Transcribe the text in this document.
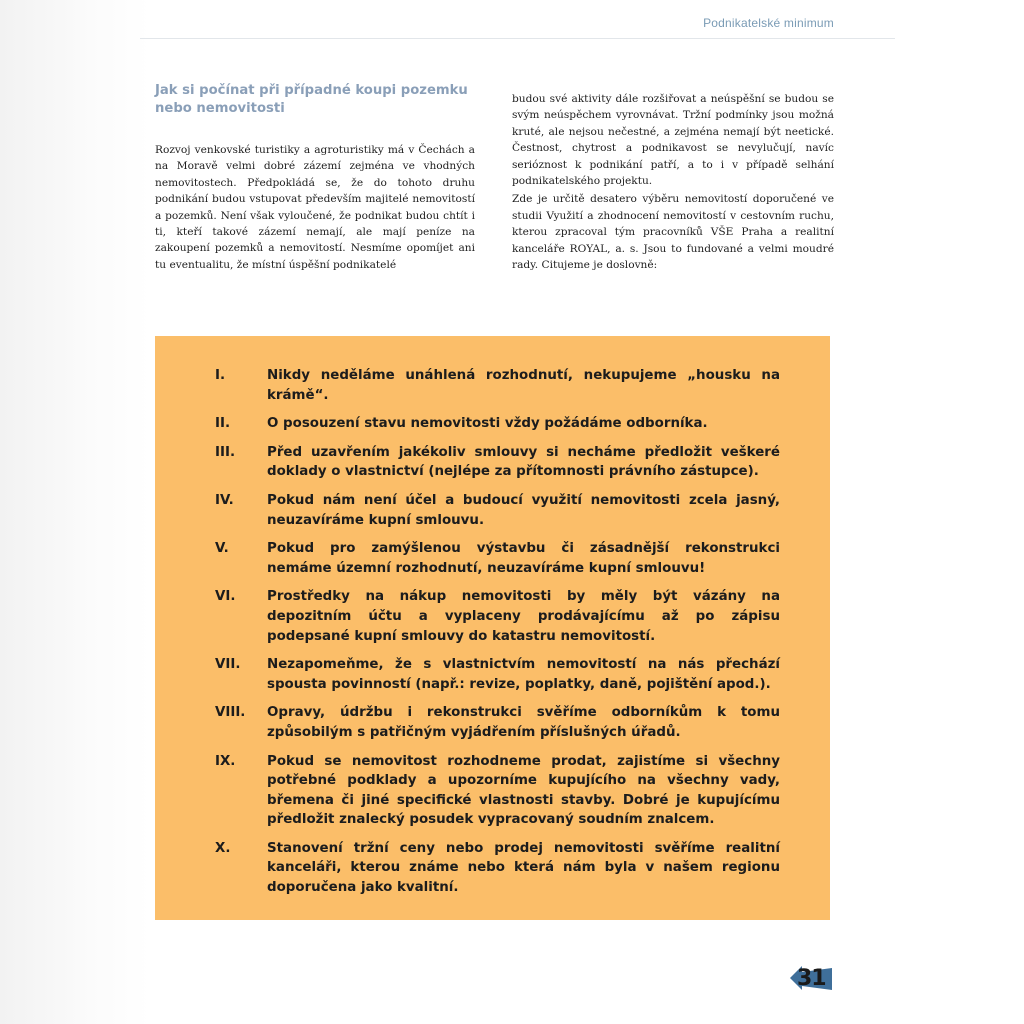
Podnikatelské minimum
Jak si počínat při případné koupi pozemku nebo nemovitosti

Rozvoj venkovské turistiky a agroturistiky má v Čechách a na Moravě velmi dobré zázemí zejména ve vhodných nemovitostech. Předpokládá se, že do tohoto druhu podnikání budou vstupovat především majitelé nemovitostí a pozemků. Není však vyloučené, že podnikat budou chtít i ti, kteří takové zázemí nemají, ale mají peníze na zakoupení pozemků a nemovitostí. Nesmíme opomíjet ani tu eventualitu, že místní úspěšní podnikatelé

budou své aktivity dále rozšiřovat a neúspěšní se budou se svým neúspěchem vyrovnávat. Tržní podmínky jsou možná kruté, ale nejsou nečestné, a zejména nemají být neetické. Čestnost, chytrost a podnikavost se nevylučují, navíc serióznost k podnikání patří, a to i v případě selhání podnikatelského projektu.

Zde je určitě desatero výběru nemovitostí doporučené ve studii Využití a zhodnocení nemovitostí v cestovním ruchu, kterou zpracoval tým pracovníků VŠE Praha a realitní kanceláře ROYAL, a. s. Jsou to fundované a velmi moudré rady. Citujeme je doslovně:

I.	Nikdy neděláme unáhlená rozhodnutí, nekupujeme „housku na krámě“.
II.	O posouzení stavu nemovitosti vždy požádáme odborníka.
III.	Před uzavřením jakékoliv smlouvy si necháme předložit veškeré doklady o vlastnictví (nejlépe za přítomnosti právního zástupce).
IV.	Pokud nám není účel a budoucí využití nemovitosti zcela jasný, neuzavíráme kupní smlouvu.
V.	Pokud pro zamýšlenou výstavbu či zásadnější rekonstrukci nemáme územní rozhodnutí, neuzavíráme kupní smlouvu!
VI.	Prostředky na nákup nemovitosti by měly být vázány na depozitním účtu a vyplaceny prodávajícímu až po zápisu podepsané kupní smlouvy do katastru nemovitostí.
VII.	Nezapomeňme, že s vlastnictvím nemovitostí na nás přechází spousta povinností (např.: revize, poplatky, daně, pojištění apod.).
VIII.	Opravy, údržbu i rekonstrukci svěříme odborníkům k tomu způsobilým s patřičným vyjádřením příslušných úřadů.
IX.	Pokud se nemovitost rozhodneme prodat, zajistíme si všechny potřebné podklady a upozorníme kupujícího na všechny vady, břemena či jiné specifické vlastnosti stavby. Dobré je kupujícímu předložit znalecký posudek vypracovaný soudním znalcem.
X.	Stanovení tržní ceny nebo prodej nemovitosti svěříme realitní kanceláři, kterou známe nebo která nám byla v našem regionu doporučena jako kvalitní.
31
